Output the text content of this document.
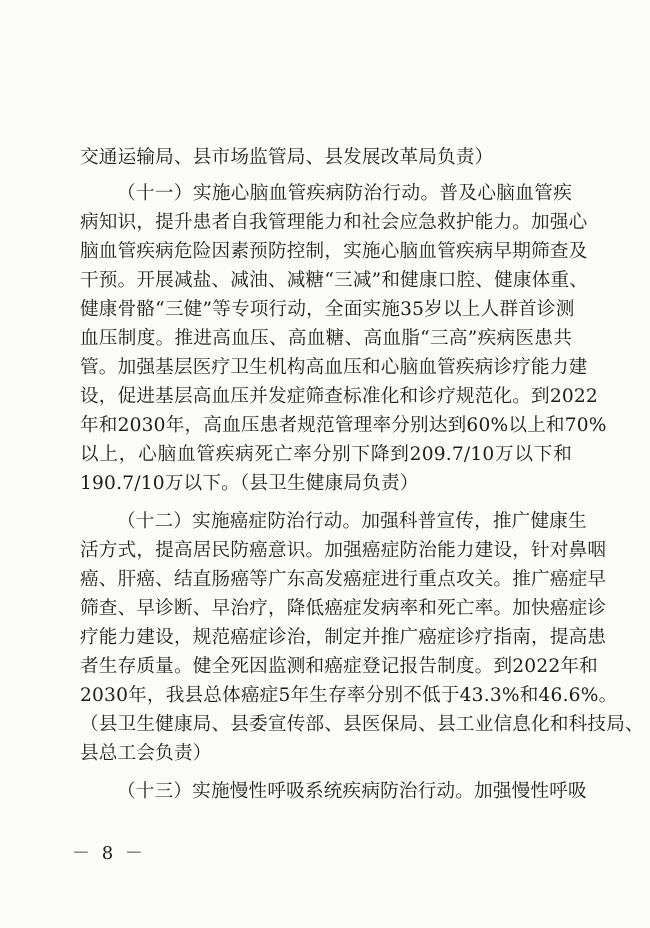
交通运输局、县市场监管局、县发展改革局负责）
（十一）实施心脑血管疾病防治行动。普及心脑血管疾
病知识，提升患者自我管理能力和社会应急救护能力。加强心
脑血管疾病危险因素预防控制，实施心脑血管疾病早期筛查及
干预。开展减盐、减油、减糖“三减”和健康口腔、健康体重、
健康骨骼“三健”等专项行动，全面实施35岁以上人群首诊测
血压制度。推进高血压、高血糖、高血脂“三高”疾病医患共
管。加强基层医疗卫生机构高血压和心脑血管疾病诊疗能力建
设，促进基层高血压并发症筛查标准化和诊疗规范化。到2022
年和2030年，高血压患者规范管理率分别达到60%以上和70%
以上，心脑血管疾病死亡率分别下降到209.7/10万以下和
190.7/10万以下。（县卫生健康局负责）
（十二）实施癌症防治行动。加强科普宣传，推广健康生
活方式，提高居民防癌意识。加强癌症防治能力建设，针对鼻咽
癌、肝癌、结直肠癌等广东高发癌症进行重点攻关。推广癌症早
筛查、早诊断、早治疗，降低癌症发病率和死亡率。加快癌症诊
疗能力建设，规范癌症诊治，制定并推广癌症诊疗指南，提高患
者生存质量。健全死因监测和癌症登记报告制度。到2022年和
2030年，我县总体癌症5年生存率分别不低于43.3%和46.6%。
（县卫生健康局、县委宣传部、县医保局、县工业信息化和科技局、
县总工会负责）
（十三）实施慢性呼吸系统疾病防治行动。加强慢性呼吸
－ 8 －
